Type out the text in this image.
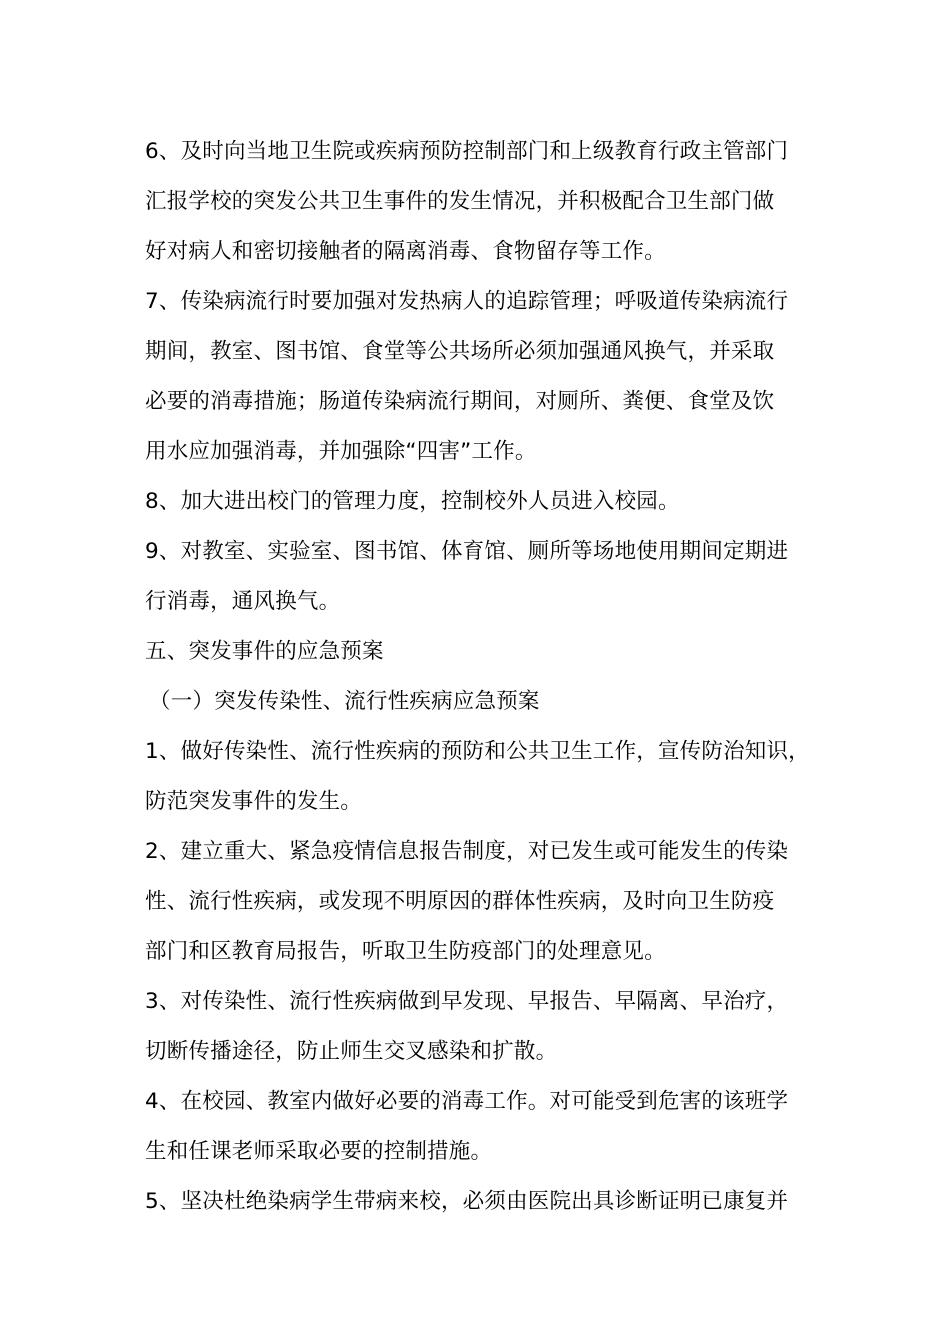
6、及时向当地卫生院或疾病预防控制部门和上级教育行政主管部门
汇报学校的突发公共卫生事件的发生情况，并积极配合卫生部门做
好对病人和密切接触者的隔离消毒、食物留存等工作。
7、传染病流行时要加强对发热病人的追踪管理；呼吸道传染病流行
期间，教室、图书馆、食堂等公共场所必须加强通风换气，并采取
必要的消毒措施；肠道传染病流行期间，对厕所、粪便、食堂及饮
用水应加强消毒，并加强除“四害”工作。
8、加大进出校门的管理力度，控制校外人员进入校园。
9、对教室、实验室、图书馆、体育馆、厕所等场地使用期间定期进
行消毒，通风换气。
五、突发事件的应急预案
（一）突发传染性、流行性疾病应急预案
1、做好传染性、流行性疾病的预防和公共卫生工作，宣传防治知识，
防范突发事件的发生。
2、建立重大、紧急疫情信息报告制度，对已发生或可能发生的传染
性、流行性疾病，或发现不明原因的群体性疾病，及时向卫生防疫
部门和区教育局报告，听取卫生防疫部门的处理意见。
3、对传染性、流行性疾病做到早发现、早报告、早隔离、早治疗，
切断传播途径，防止师生交叉感染和扩散。
4、在校园、教室内做好必要的消毒工作。对可能受到危害的该班学
生和任课老师采取必要的控制措施。
5、坚决杜绝染病学生带病来校，必须由医院出具诊断证明已康复并
